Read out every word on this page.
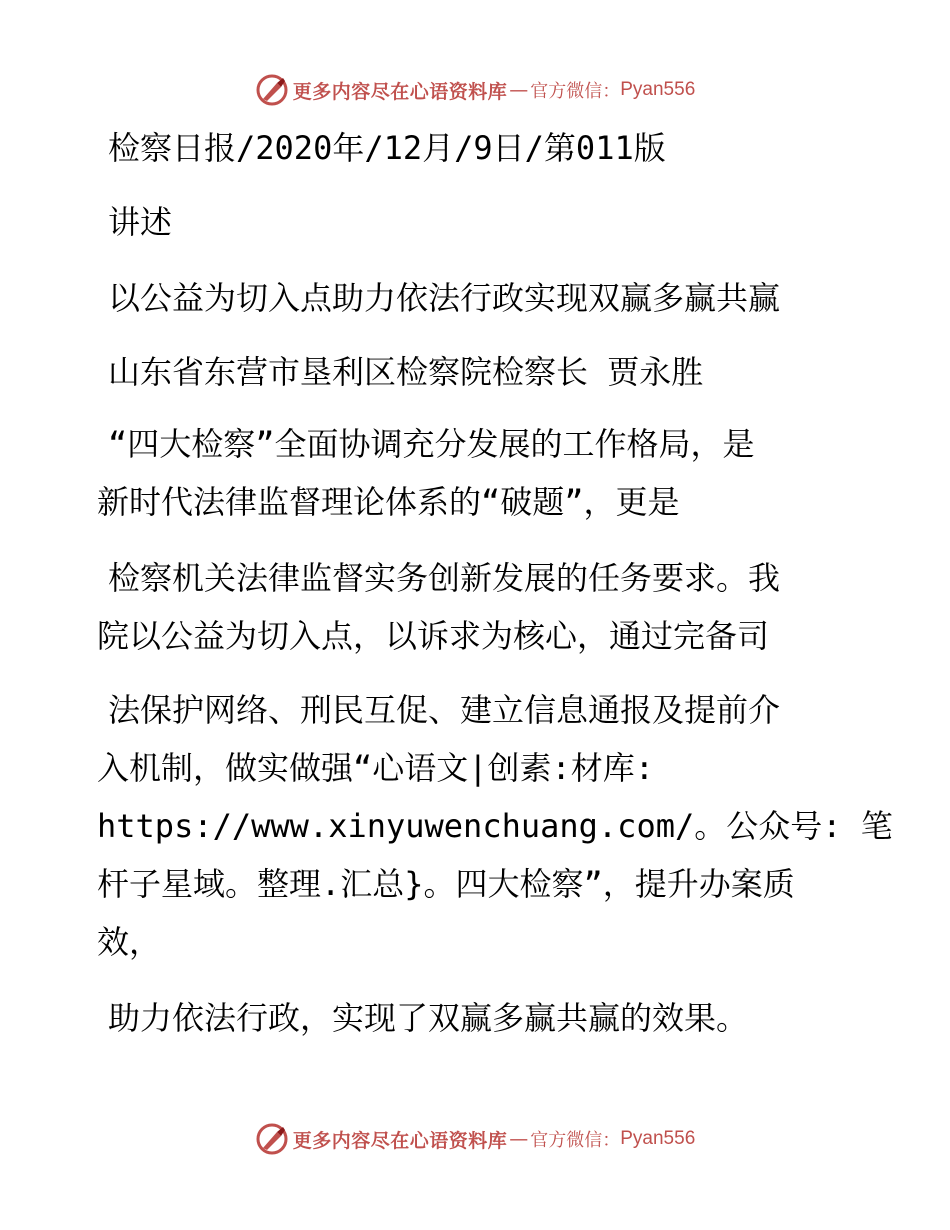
更多内容尽在心语资料库 — 官方微信： Pyan556

检察日报/2020年/12月/9日/第011版

讲述

以公益为切入点助力依法行政实现双赢多赢共赢

山东省东营市垦利区检察院检察长 贾永胜

“四大检察”全面协调充分发展的工作格局，是

新时代法律监督理论体系的“破题”，更是

检察机关法律监督实务创新发展的任务要求。我

院以公益为切入点，以诉求为核心，通过完备司

法保护网络、刑民互促、建立信息通报及提前介

入机制，做实做强“心语文|创素:材库:

https://www.xinyuwenchuang.com/。公众号: 笔

杆子星域。整理.汇总}。四大检察”，提升办案质

效，

助力依法行政，实现了双赢多赢共赢的效果。

更多内容尽在心语资料库 — 官方微信： Pyan556
